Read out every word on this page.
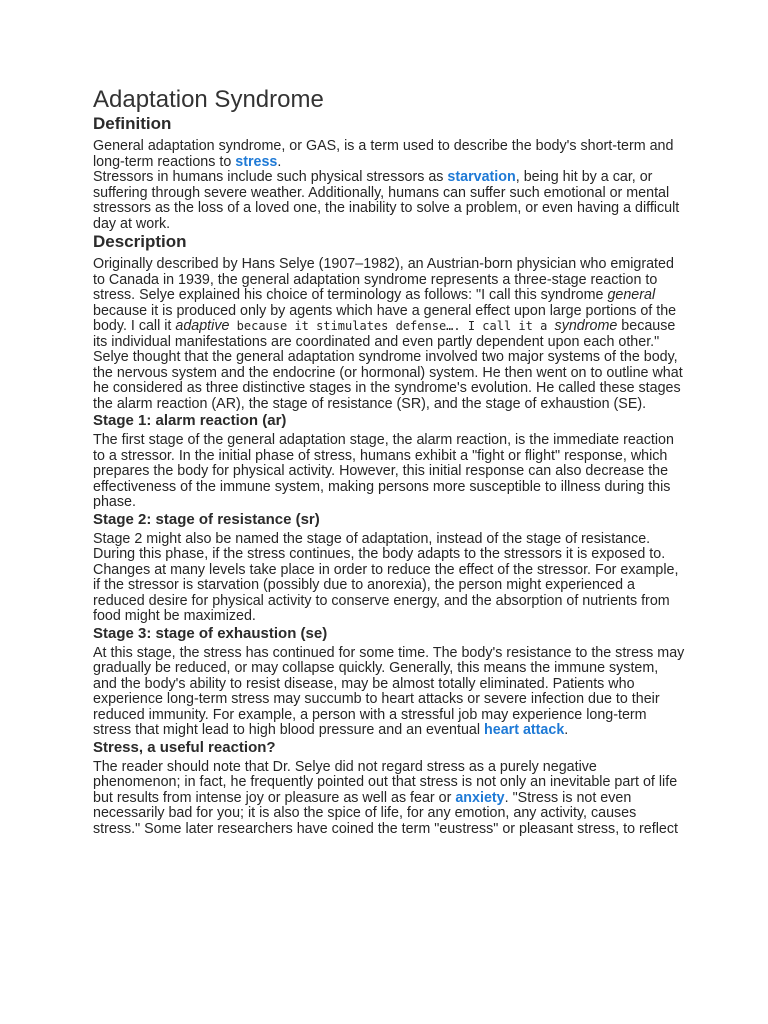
Adaptation Syndrome
Definition

General adaptation syndrome, or GAS, is a term used to describe the body's short-term and long-term reactions to stress.

Stressors in humans include such physical stressors as starvation, being hit by a car, or suffering through severe weather. Additionally, humans can suffer such emotional or mental stressors as the loss of a loved one, the inability to solve a problem, or even having a difficult day at work.

Description

Originally described by Hans Selye (1907–1982), an Austrian-born physician who emigrated to Canada in 1939, the general adaptation syndrome represents a three-stage reaction to stress. Selye explained his choice of terminology as follows: "I call this syndrome general because it is produced only by agents which have a general effect upon large portions of the body. I call it adaptive because it stimulates defense…. I call it a syndrome because its individual manifestations are coordinated and even partly dependent upon each other."

Selye thought that the general adaptation syndrome involved two major systems of the body, the nervous system and the endocrine (or hormonal) system. He then went on to outline what he considered as three distinctive stages in the syndrome's evolution. He called these stages the alarm reaction (AR), the stage of resistance (SR), and the stage of exhaustion (SE).

Stage 1: alarm reaction (ar)

The first stage of the general adaptation stage, the alarm reaction, is the immediate reaction to a stressor. In the initial phase of stress, humans exhibit a "fight or flight" response, which prepares the body for physical activity. However, this initial response can also decrease the effectiveness of the immune system, making persons more susceptible to illness during this phase.

Stage 2: stage of resistance (sr)

Stage 2 might also be named the stage of adaptation, instead of the stage of resistance. During this phase, if the stress continues, the body adapts to the stressors it is exposed to. Changes at many levels take place in order to reduce the effect of the stressor. For example, if the stressor is starvation (possibly due to anorexia), the person might experienced a reduced desire for physical activity to conserve energy, and the absorption of nutrients from food might be maximized.

Stage 3: stage of exhaustion (se)

At this stage, the stress has continued for some time. The body's resistance to the stress may gradually be reduced, or may collapse quickly. Generally, this means the immune system, and the body's ability to resist disease, may be almost totally eliminated. Patients who experience long-term stress may succumb to heart attacks or severe infection due to their reduced immunity. For example, a person with a stressful job may experience long-term stress that might lead to high blood pressure and an eventual heart attack.

Stress, a useful reaction?

The reader should note that Dr. Selye did not regard stress as a purely negative phenomenon; in fact, he frequently pointed out that stress is not only an inevitable part of life but results from intense joy or pleasure as well as fear or anxiety. "Stress is not even necessarily bad for you; it is also the spice of life, for any emotion, any activity, causes stress." Some later researchers have coined the term "eustress" or pleasant stress, to reflect
